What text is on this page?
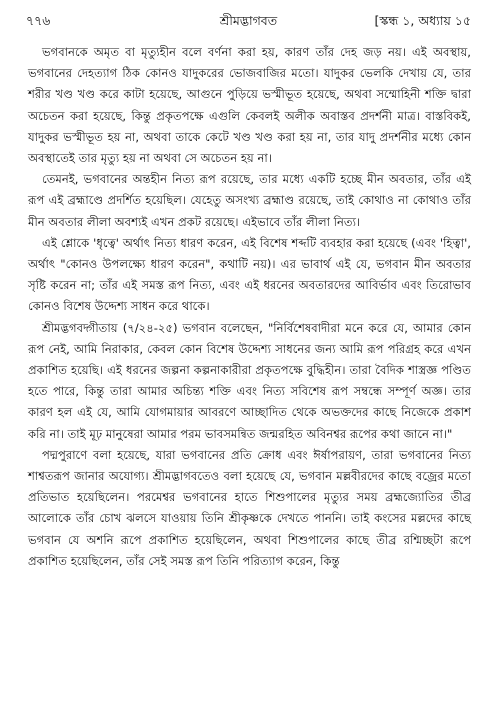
৭৭৬	শ্রীমদ্ভাগবত	[স্কন্ধ ১, অধ্যায় ১৫

ভগবানকে অমৃত বা মৃত্যুহীন বলে বর্ণনা করা হয়, কারণ তাঁর দেহ জড় নয়। এই অবস্থায়, ভগবানের দেহত্যাগ ঠিক কোনও যাদুকরের ভোজবাজির মতো। যাদুকর ভেলকি দেখায় যে, তার শরীর খণ্ড খণ্ড করে কাটা হয়েছে, আগুনে পুড়িয়ে ভস্মীভূত হয়েছে, অথবা সম্মোহিনী শক্তি দ্বারা অচেতন করা হয়েছে, কিন্তু প্রকৃতপক্ষে এগুলি কেবলই অলীক অবাস্তব প্রদর্শনী মাত্র। বাস্তবিকই, যাদুকর ভস্মীভূত হয় না, অথবা তাকে কেটে খণ্ড খণ্ড করা হয় না, তার যাদু প্রদর্শনীর মধ্যে কোন অবস্থাতেই তার মৃত্যু হয় না অথবা সে অচেতন হয় না।

তেমনই, ভগবানের অন্তহীন নিত্য রূপ রয়েছে, তার মধ্যে একটি হচ্ছে মীন অবতার, তাঁর এই রূপ এই ব্রহ্মাণ্ডে প্রদর্শিত হয়েছিল। যেহেতু অসংখ্য ব্রহ্মাণ্ড রয়েছে, তাই কোথাও না কোথাও তাঁর মীন অবতার লীলা অবশ্যই এখন প্রকট রয়েছে। এইভাবে তাঁর লীলা নিত্য।

এই শ্লোকে 'ধৃত্বে' অর্থাৎ নিত্য ধারণ করেন, এই বিশেষ শব্দটি ব্যবহার করা হয়েছে (এবং 'হিত্বা', অর্থাৎ "কোনও উপলক্ষ্যে ধারণ করেন", কথাটি নয়)। এর ভাবার্থ এই যে, ভগবান মীন অবতার সৃষ্টি করেন না; তাঁর এই সমস্ত রূপ নিত্য, এবং এই ধরনের অবতারদের আবির্ভাব এবং তিরোভাব কোনও বিশেষ উদ্দেশ্য সাধন করে থাকে।

শ্রীমদ্ভগবদ্গীতায় (৭/২৪-২৫) ভগবান বলেছেন, "নির্বিশেষবাদীরা মনে করে যে, আমার কোন রূপ নেই, আমি নিরাকার, কেবল কোন বিশেষ উদ্দেশ্য সাধনের জন্য আমি রূপ পরিগ্রহ করে এখন প্রকাশিত হয়েছি। এই ধরনের জল্পনা কল্পনাকারীরা প্রকৃতপক্ষে বুদ্ধিহীন। তারা বৈদিক শাস্ত্রজ্ঞ পণ্ডিত হতে পারে, কিন্তু তারা আমার অচিন্ত্য শক্তি এবং নিত্য সবিশেষ রূপ সম্বন্ধে সম্পূর্ণ অজ্ঞ। তার কারণ হল এই যে, আমি যোগমায়ার আবরণে আচ্ছাদিত থেকে অভক্তদের কাছে নিজেকে প্রকাশ করি না। তাই মূঢ় মানুষেরা আমার পরম ভাবসমন্বিত জন্মরহিত অবিনশ্বর রূপের কথা জানে না।"

পদ্মপুরাণে বলা হয়েছে, যারা ভগবানের প্রতি ক্রোধ এবং ঈর্ষাপরায়ণ, তারা ভগবানের নিত্য শাশ্বতরূপ জানার অযোগ্য। শ্রীমদ্ভাগবতেও বলা হয়েছে যে, ভগবান মল্লবীরদের কাছে বজ্রের মতো প্রতিভাত হয়েছিলেন। পরমেশ্বর ভগবানের হাতে শিশুপালের মৃত্যুর সময় ব্রহ্মজ্যোতির তীব্র আলোকে তাঁর চোখ ঝলসে যাওয়ায় তিনি শ্রীকৃষ্ণকে দেখতে পাননি। তাই কংসের মল্লদের কাছে ভগবান যে অশনি রূপে প্রকাশিত হয়েছিলেন, অথবা শিশুপালের কাছে তীব্র রশ্মিচ্ছটা রূপে প্রকাশিত হয়েছিলেন, তাঁর সেই সমস্ত রূপ তিনি পরিত্যাগ করেন, কিন্তু
